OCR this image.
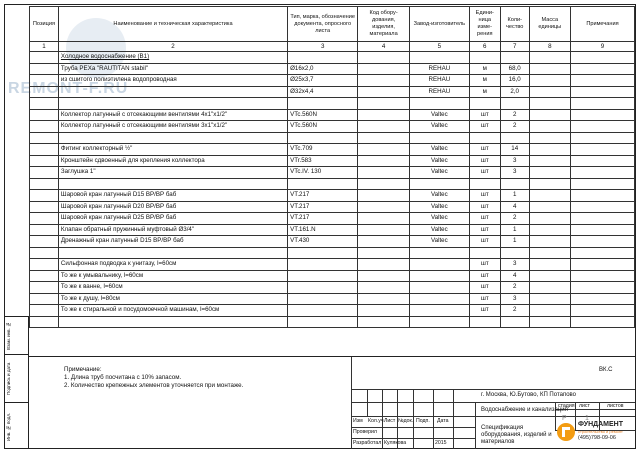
REMONT-F.RU
Взам. инв. №
Подпись и дата
Инв. № подл.
Позиция	Наименование и техническая характеристика	Тип, марка, обозначение документа, опросного листа	Код обору-дования, изделия, материала	Завод-изготовитель	Едини-ница изме-рения	Коли-чество	Масса единицы	Примечания
1	2	3	4	5	6	7	8	9
	Холодное водоснабжение (В1)							
	Труба PEXa "RAUTITAN stabil"	Ø16х2,0		REHAU	м	68,0		
	из сшитого полиэтилена водопроводная	Ø25х3,7		REHAU	м	16,0		
		Ø32х4,4		REHAU	м	2,0		

	Коллектор латунный с отсекающими вентилями 4х1"х1/2"	VTc.560N		Valtec	шт	2		
	Коллектор латунный с отсекающими вентилями 3х1"х1/2"	VTc.560N		Valtec	шт	2		

	Фитинг коллекторный ½"	VTc.709		Valtec	шт	14		
	Кронштейн сдвоенный для крепления коллектора	VTr.583		Valtec	шт	3		
	Заглушка 1"	VTc.IV. 130		Valtec	шт	3		

	Шаровой кран латунный D15 ВР/ВР баб	VT.217		Valtec	шт	1		
	Шаровой кран латунный D20 ВР/ВР баб	VT.217		Valtec	шт	4		
	Шаровой кран латунный D25 ВР/ВР баб	VT.217		Valtec	шт	2		
	Клапан обратный пружинный муфтовый Ø3/4"	VT.161.N		Valtec	шт	1		
	Дренажный кран латунный D15 ВР/ВР баб	VT.430		Valtec	шт	1		

	Сильфонная подводка к унитазу, l=60см				шт	3		
	То же к умывальнику, l=60см				шт	4		
	То же к ванне, l=60см				шт	2		
	То же к душу, l=80см				шт	3		
	То же к стиральной и посудомоечной машинам, l=60см				шт	2		

ВК.С
г. Москва, Ю.Бутово, КП Потапово
Изм Кол.уч Лист №док. Подп. Дата
Проверил
Разработал Кулякова	2015
Водоснабжение и канализация
Спецификация оборудования, изделий и материалов
стадия лист	листов
Р	1
Примечание:
1. Длина труб посчитана с 10% запасом.
2. Количество крепежных элементов уточняется при монтаже.
ФУНДАМЕНТ
строительство и ремонт
(495)798-09-06
